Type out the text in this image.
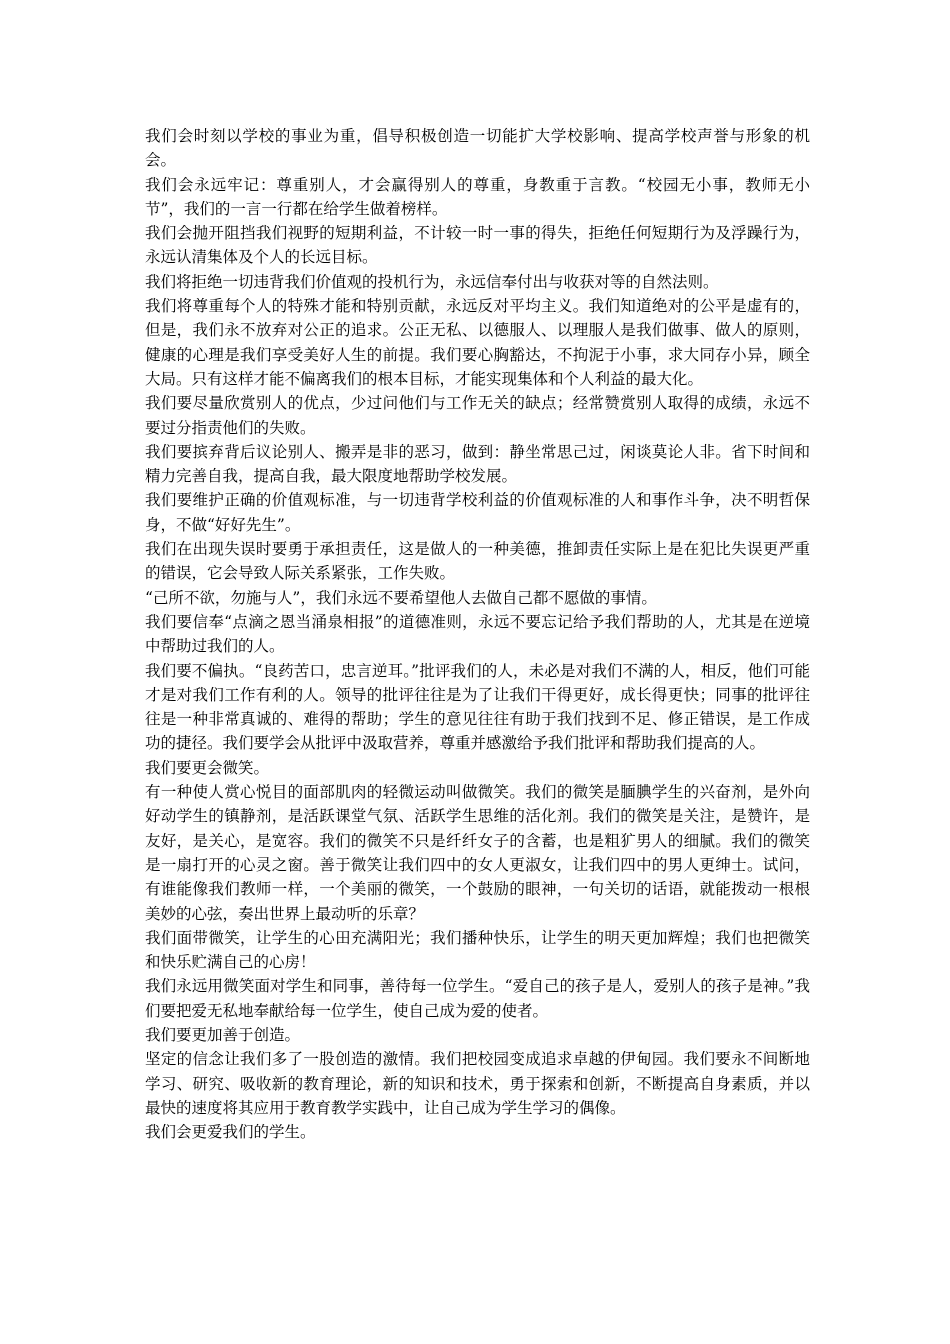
我们会时刻以学校的事业为重，倡导积极创造一切能扩大学校影响、提高学校声誉与形象的机会。

我们会永远牢记：尊重别人，才会赢得别人的尊重，身教重于言教。“校园无小事，教师无小节”，我们的一言一行都在给学生做着榜样。

我们会抛开阻挡我们视野的短期利益，不计较一时一事的得失，拒绝任何短期行为及浮躁行为，永远认清集体及个人的长远目标。

我们将拒绝一切违背我们价值观的投机行为，永远信奉付出与收获对等的自然法则。

我们将尊重每个人的特殊才能和特别贡献，永远反对平均主义。我们知道绝对的公平是虚有的，但是，我们永不放弃对公正的追求。公正无私、以德服人、以理服人是我们做事、做人的原则，健康的心理是我们享受美好人生的前提。我们要心胸豁达，不拘泥于小事，求大同存小异，顾全大局。只有这样才能不偏离我们的根本目标，才能实现集体和个人利益的最大化。

我们要尽量欣赏别人的优点，少过问他们与工作无关的缺点；经常赞赏别人取得的成绩，永远不要过分指责他们的失败。

我们要摈弃背后议论别人、搬弄是非的恶习，做到：静坐常思己过，闲谈莫论人非。省下时间和精力完善自我，提高自我，最大限度地帮助学校发展。

我们要维护正确的价值观标准，与一切违背学校利益的价值观标准的人和事作斗争，决不明哲保身，不做“好好先生”。

我们在出现失误时要勇于承担责任，这是做人的一种美德，推卸责任实际上是在犯比失误更严重的错误，它会导致人际关系紧张，工作失败。

“己所不欲，勿施与人”，我们永远不要希望他人去做自己都不愿做的事情。

我们要信奉“点滴之恩当涌泉相报”的道德准则，永远不要忘记给予我们帮助的人，尤其是在逆境中帮助过我们的人。

我们要不偏执。“良药苦口，忠言逆耳。”批评我们的人，未必是对我们不满的人，相反，他们可能才是对我们工作有利的人。领导的批评往往是为了让我们干得更好，成长得更快；同事的批评往往是一种非常真诚的、难得的帮助；学生的意见往往有助于我们找到不足、修正错误，是工作成功的捷径。我们要学会从批评中汲取营养，尊重并感激给予我们批评和帮助我们提高的人。

我们要更会微笑。

有一种使人赏心悦目的面部肌肉的轻微运动叫做微笑。我们的微笑是腼腆学生的兴奋剂，是外向好动学生的镇静剂，是活跃课堂气氛、活跃学生思维的活化剂。我们的微笑是关注，是赞许，是友好，是关心，是宽容。我们的微笑不只是纤纤女子的含蓄，也是粗犷男人的细腻。我们的微笑是一扇打开的心灵之窗。善于微笑让我们四中的女人更淑女，让我们四中的男人更绅士。试问，有谁能像我们教师一样，一个美丽的微笑，一个鼓励的眼神，一句关切的话语，就能拨动一根根美妙的心弦，奏出世界上最动听的乐章？

我们面带微笑，让学生的心田充满阳光；我们播种快乐，让学生的明天更加辉煌；我们也把微笑和快乐贮满自己的心房！

我们永远用微笑面对学生和同事，善待每一位学生。“爱自己的孩子是人，爱别人的孩子是神。”我们要把爱无私地奉献给每一位学生，使自己成为爱的使者。

我们要更加善于创造。

坚定的信念让我们多了一股创造的激情。我们把校园变成追求卓越的伊甸园。我们要永不间断地学习、研究、吸收新的教育理论，新的知识和技术，勇于探索和创新，不断提高自身素质，并以最快的速度将其应用于教育教学实践中，让自己成为学生学习的偶像。

我们会更爱我们的学生。
